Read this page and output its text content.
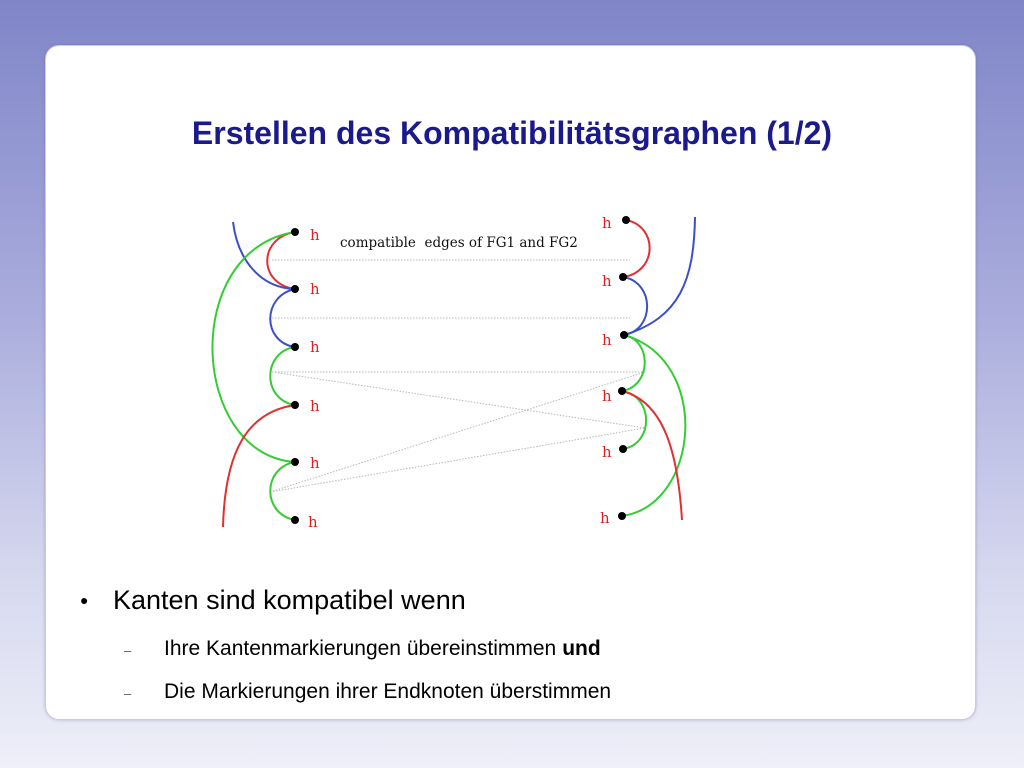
Erstellen des Kompatibilitätsgraphen (1/2)
h
h
h
h
h
h
h
h
h
h
h
h
compatible  edges of FG1 and FG2
● Kanten sind kompatibel wenn
–	Ihre Kantenmarkierungen übereinstimmen und
–	Die Markierungen ihrer Endknoten überstimmen
